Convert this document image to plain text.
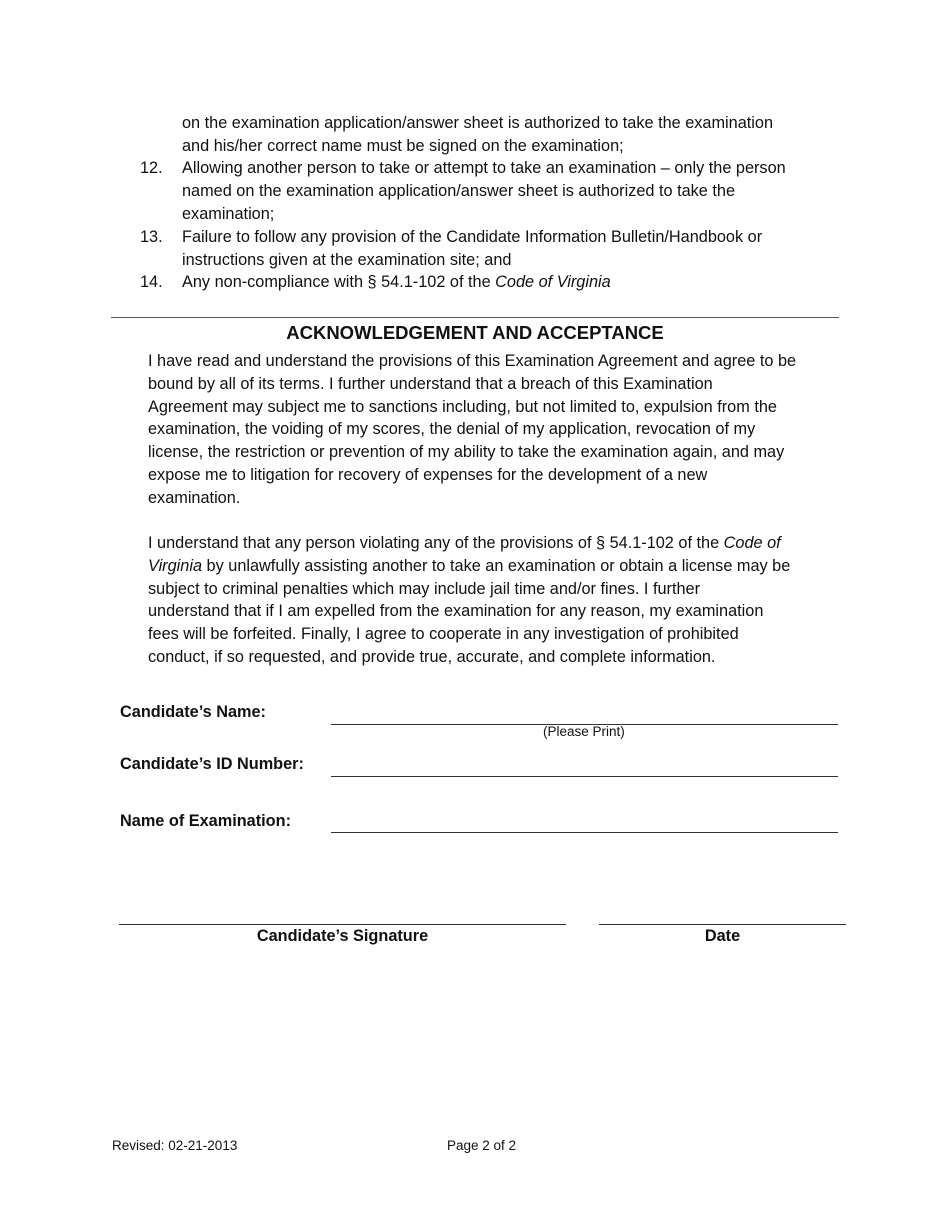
on the examination application/answer sheet is authorized to take the examination
and his/her correct name must be signed on the examination;
12. Allowing another person to take or attempt to take an examination – only the person
named on the examination application/answer sheet is authorized to take the
examination;
13. Failure to follow any provision of the Candidate Information Bulletin/Handbook or
instructions given at the examination site; and
14. Any non-compliance with § 54.1-102 of the Code of Virginia
ACKNOWLEDGEMENT AND ACCEPTANCE
I have read and understand the provisions of this Examination Agreement and agree to be
bound by all of its terms. I further understand that a breach of this Examination
Agreement may subject me to sanctions including, but not limited to, expulsion from the
examination, the voiding of my scores, the denial of my application, revocation of my
license, the restriction or prevention of my ability to take the examination again, and may
expose me to litigation for recovery of expenses for the development of a new
examination.
I understand that any person violating any of the provisions of § 54.1-102 of the Code of
Virginia by unlawfully assisting another to take an examination or obtain a license may be
subject to criminal penalties which may include jail time and/or fines. I further
understand that if I am expelled from the examination for any reason, my examination
fees will be forfeited. Finally, I agree to cooperate in any investigation of prohibited
conduct, if so requested, and provide true, accurate, and complete information.
Candidate’s Name:
(Please Print)
Candidate’s ID Number:
Name of Examination:
Candidate’s Signature	Date
Revised: 02-21-2013	Page 2 of 2
